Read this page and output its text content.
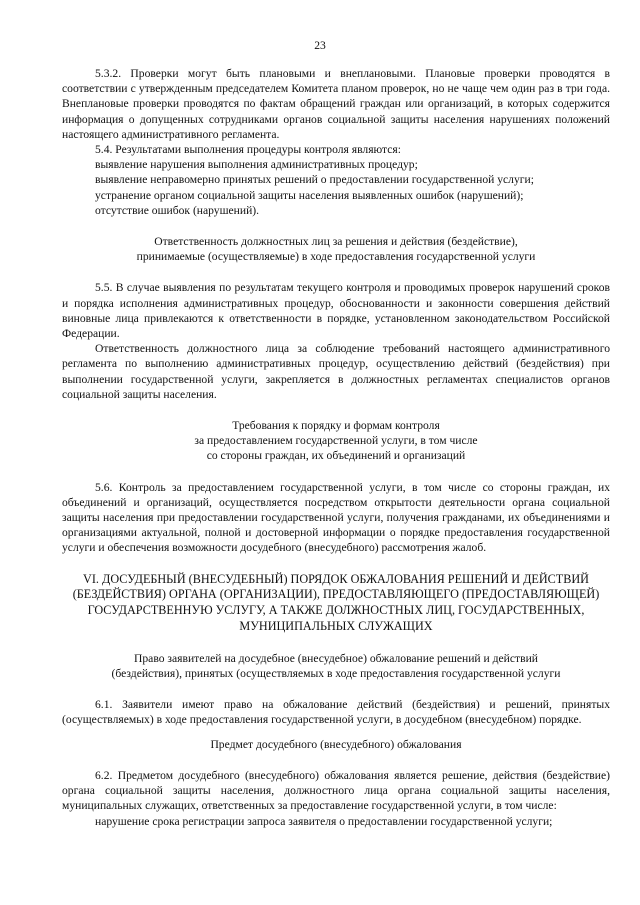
23

5.3.2. Проверки могут быть плановыми и внеплановыми. Плановые проверки проводятся в соответствии с утвержденным председателем Комитета планом проверок, но не чаще чем один раз в три года. Внеплановые проверки проводятся по фактам обращений граждан или организаций, в которых содержится информация о допущенных сотрудниками органов социальной защиты населения нарушениях положений настоящего административного регламента.

5.4. Результатами выполнения процедуры контроля являются:

выявление нарушения выполнения административных процедур;

выявление неправомерно принятых решений о предоставлении государственной услуги;

устранение органом социальной защиты населения выявленных ошибок (нарушений);

отсутствие ошибок (нарушений).

Ответственность должностных лиц за решения и действия (бездействие),

принимаемые (осуществляемые) в ходе предоставления государственной услуги

5.5. В случае выявления по результатам текущего контроля и проводимых проверок нарушений сроков и порядка исполнения административных процедур, обоснованности и законности совершения действий виновные лица привлекаются к ответственности в порядке, установленном законодательством Российской Федерации.

Ответственность должностного лица за соблюдение требований настоящего административного регламента по выполнению административных процедур, осуществлению действий (бездействия) при выполнении государственной услуги, закрепляется в должностных регламентах специалистов органов социальной защиты населения.

Требования к порядку и формам контроля

за предоставлением государственной услуги, в том числе

со стороны граждан, их объединений и организаций

5.6. Контроль за предоставлением государственной услуги, в том числе со стороны граждан, их объединений и организаций, осуществляется посредством открытости деятельности органа социальной защиты населения при предоставлении государственной услуги, получения гражданами, их объединениями и организациями актуальной, полной и достоверной информации о порядке предоставления государственной услуги и обеспечения возможности досудебного (внесудебного) рассмотрения жалоб.

VI. ДОСУДЕБНЫЙ (ВНЕСУДЕБНЫЙ) ПОРЯДОК ОБЖАЛОВАНИЯ РЕШЕНИЙ И ДЕЙСТВИЙ (БЕЗДЕЙСТВИЯ) ОРГАНА (ОРГАНИЗАЦИИ), ПРЕДОСТАВЛЯЮЩЕГО (ПРЕДОСТАВЛЯЮЩЕЙ) ГОСУДАРСТВЕННУЮ УСЛУГУ, А ТАКЖЕ ДОЛЖНОСТНЫХ ЛИЦ, ГОСУДАРСТВЕННЫХ, МУНИЦИПАЛЬНЫХ СЛУЖАЩИХ

Право заявителей на досудебное (внесудебное) обжалование решений и действий

(бездействия), принятых (осуществляемых в ходе предоставления государственной услуги

6.1. Заявители имеют право на обжалование действий (бездействия) и решений, принятых (осуществляемых) в ходе предоставления государственной услуги, в досудебном (внесудебном) порядке.

Предмет досудебного (внесудебного) обжалования

6.2. Предметом досудебного (внесудебного) обжалования является решение, действия (бездействие) органа социальной защиты населения, должностного лица органа социальной защиты населения, муниципальных служащих, ответственных за предоставление государственной услуги, в том числе:

нарушение срока регистрации запроса заявителя о предоставлении государственной услуги;
